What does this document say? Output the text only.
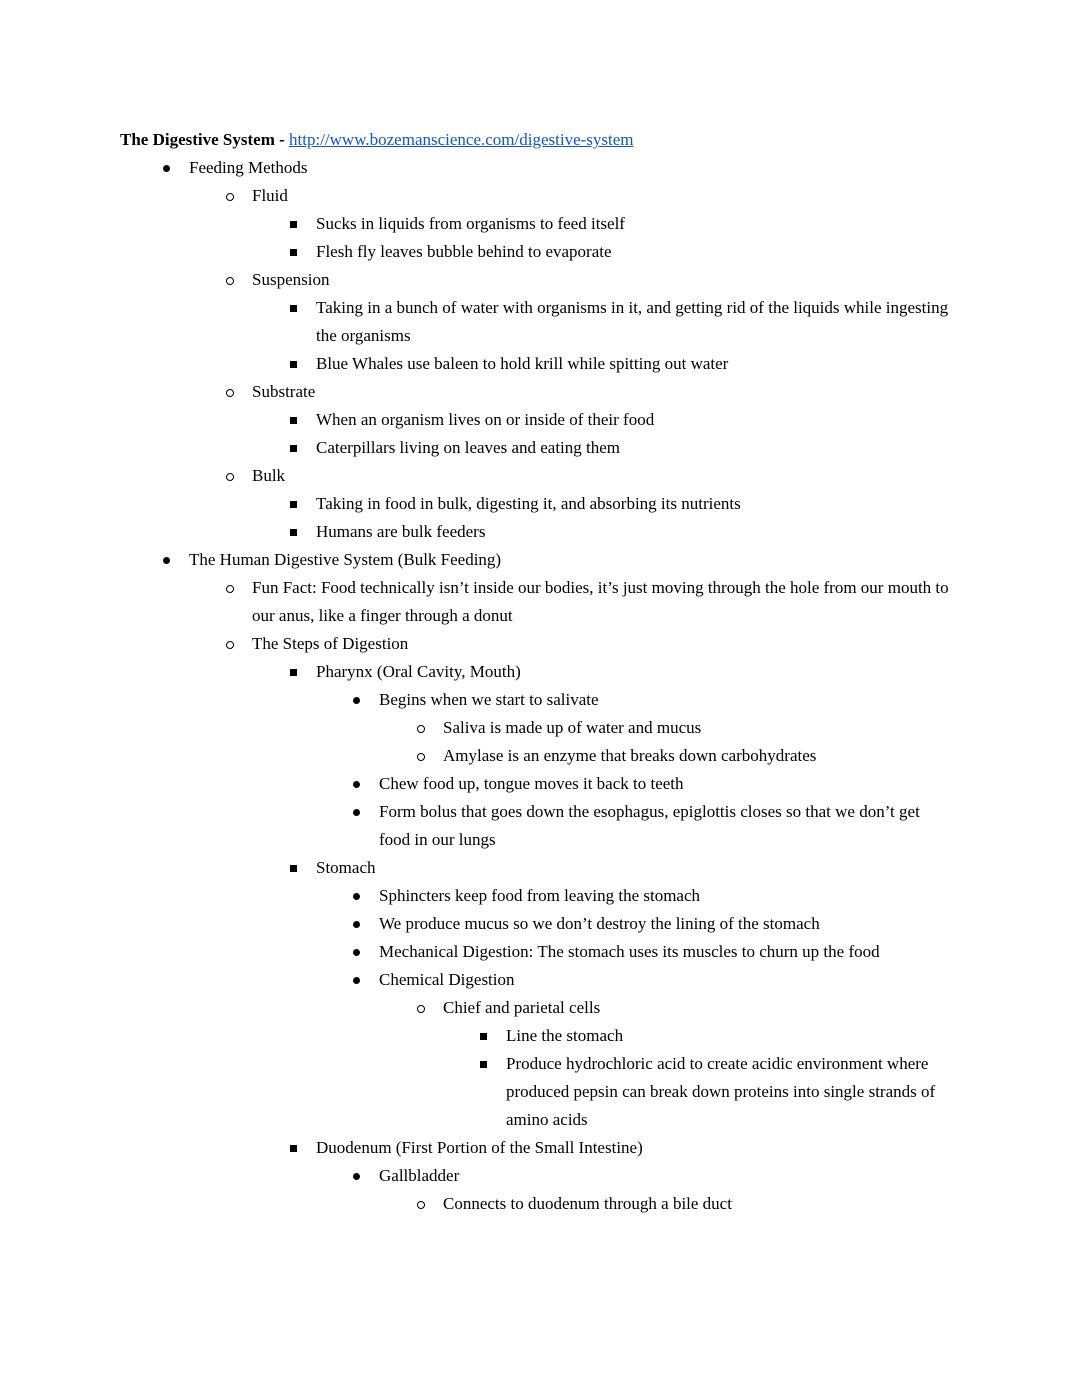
The Digestive System - http://www.bozemanscience.com/digestive-system

Feeding Methods
Fluid
Sucks in liquids from organisms to feed itself
Flesh fly leaves bubble behind to evaporate
Suspension
Taking in a bunch of water with organisms in it, and getting rid of the liquids while ingesting the organisms
Blue Whales use baleen to hold krill while spitting out water
Substrate
When an organism lives on or inside of their food
Caterpillars living on leaves and eating them
Bulk
Taking in food in bulk, digesting it, and absorbing its nutrients
Humans are bulk feeders
The Human Digestive System (Bulk Feeding)
Fun Fact: Food technically isn’t inside our bodies, it’s just moving through the hole from our mouth to our anus, like a finger through a donut
The Steps of Digestion
Pharynx (Oral Cavity, Mouth)
Begins when we start to salivate
Saliva is made up of water and mucus
Amylase is an enzyme that breaks down carbohydrates
Chew food up, tongue moves it back to teeth
Form bolus that goes down the esophagus, epiglottis closes so that we don’t get food in our lungs
Stomach
Sphincters keep food from leaving the stomach
We produce mucus so we don’t destroy the lining of the stomach
Mechanical Digestion: The stomach uses its muscles to churn up the food
Chemical Digestion
Chief and parietal cells
Line the stomach
Produce hydrochloric acid to create acidic environment where produced pepsin can break down proteins into single strands of amino acids
Duodenum (First Portion of the Small Intestine)
Gallbladder
Connects to duodenum through a bile duct
